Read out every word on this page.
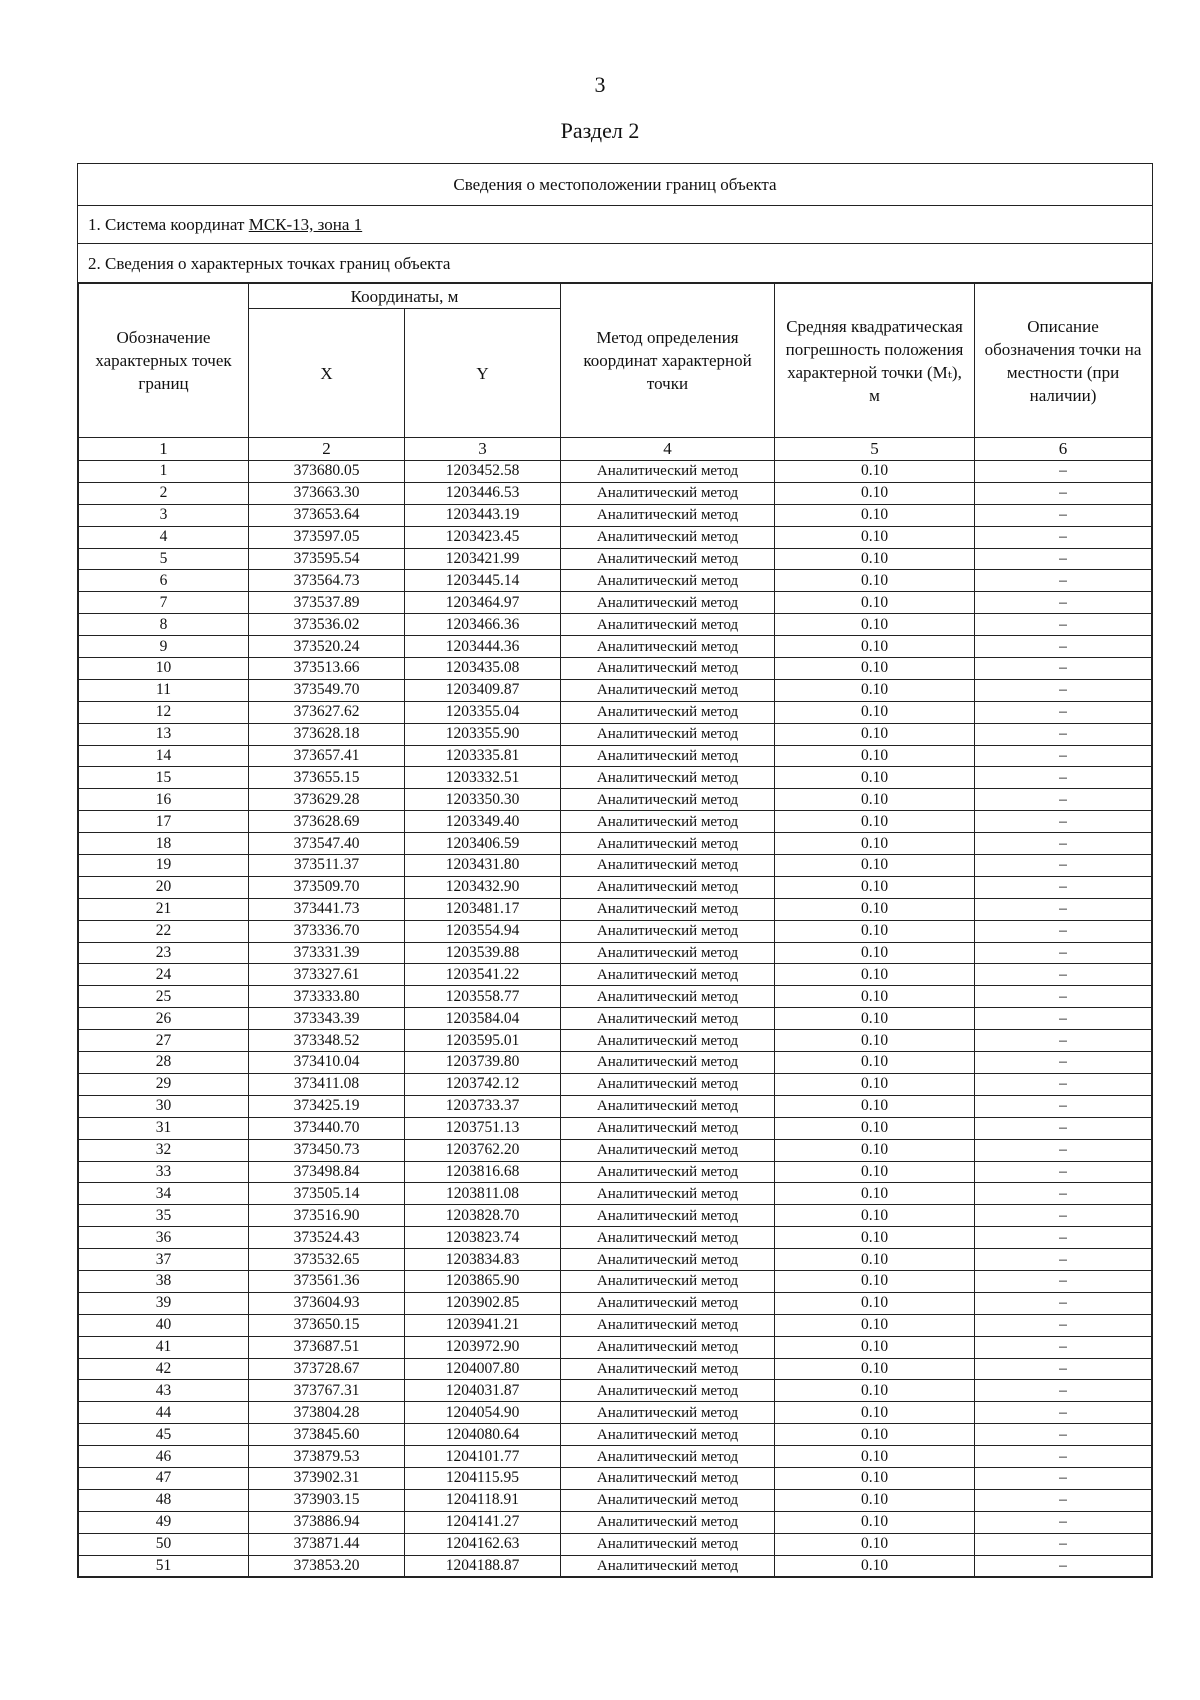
3
Раздел 2
Сведения о местоположении границ объекта
1. Система координат МСК-13, зона 1
2. Сведения о характерных точках границ объекта
Обозначение характерных точек границ	Координаты, м		Метод определения координат характерной точки	Средняя квадратическая погрешность положения характерной точки (Mₜ), м	Описание обозначения точки на местности (при наличии)

	X	Y			
1	2	3	4	5	6
1	373680.05	1203452.58	Аналитический метод	0.10	–
2	373663.30	1203446.53	Аналитический метод	0.10	–
3	373653.64	1203443.19	Аналитический метод	0.10	–
4	373597.05	1203423.45	Аналитический метод	0.10	–
5	373595.54	1203421.99	Аналитический метод	0.10	–
6	373564.73	1203445.14	Аналитический метод	0.10	–
7	373537.89	1203464.97	Аналитический метод	0.10	–
8	373536.02	1203466.36	Аналитический метод	0.10	–
9	373520.24	1203444.36	Аналитический метод	0.10	–
10	373513.66	1203435.08	Аналитический метод	0.10	–
11	373549.70	1203409.87	Аналитический метод	0.10	–
12	373627.62	1203355.04	Аналитический метод	0.10	–
13	373628.18	1203355.90	Аналитический метод	0.10	–
14	373657.41	1203335.81	Аналитический метод	0.10	–
15	373655.15	1203332.51	Аналитический метод	0.10	–
16	373629.28	1203350.30	Аналитический метод	0.10	–
17	373628.69	1203349.40	Аналитический метод	0.10	–
18	373547.40	1203406.59	Аналитический метод	0.10	–
19	373511.37	1203431.80	Аналитический метод	0.10	–
20	373509.70	1203432.90	Аналитический метод	0.10	–
21	373441.73	1203481.17	Аналитический метод	0.10	–
22	373336.70	1203554.94	Аналитический метод	0.10	–
23	373331.39	1203539.88	Аналитический метод	0.10	–
24	373327.61	1203541.22	Аналитический метод	0.10	–
25	373333.80	1203558.77	Аналитический метод	0.10	–
26	373343.39	1203584.04	Аналитический метод	0.10	–
27	373348.52	1203595.01	Аналитический метод	0.10	–
28	373410.04	1203739.80	Аналитический метод	0.10	–
29	373411.08	1203742.12	Аналитический метод	0.10	–
30	373425.19	1203733.37	Аналитический метод	0.10	–
31	373440.70	1203751.13	Аналитический метод	0.10	–
32	373450.73	1203762.20	Аналитический метод	0.10	–
33	373498.84	1203816.68	Аналитический метод	0.10	–
34	373505.14	1203811.08	Аналитический метод	0.10	–
35	373516.90	1203828.70	Аналитический метод	0.10	–
36	373524.43	1203823.74	Аналитический метод	0.10	–
37	373532.65	1203834.83	Аналитический метод	0.10	–
38	373561.36	1203865.90	Аналитический метод	0.10	–
39	373604.93	1203902.85	Аналитический метод	0.10	–
40	373650.15	1203941.21	Аналитический метод	0.10	–
41	373687.51	1203972.90	Аналитический метод	0.10	–
42	373728.67	1204007.80	Аналитический метод	0.10	–
43	373767.31	1204031.87	Аналитический метод	0.10	–
44	373804.28	1204054.90	Аналитический метод	0.10	–
45	373845.60	1204080.64	Аналитический метод	0.10	–
46	373879.53	1204101.77	Аналитический метод	0.10	–
47	373902.31	1204115.95	Аналитический метод	0.10	–
48	373903.15	1204118.91	Аналитический метод	0.10	–
49	373886.94	1204141.27	Аналитический метод	0.10	–
50	373871.44	1204162.63	Аналитический метод	0.10	–
51	373853.20	1204188.87	Аналитический метод	0.10	–
